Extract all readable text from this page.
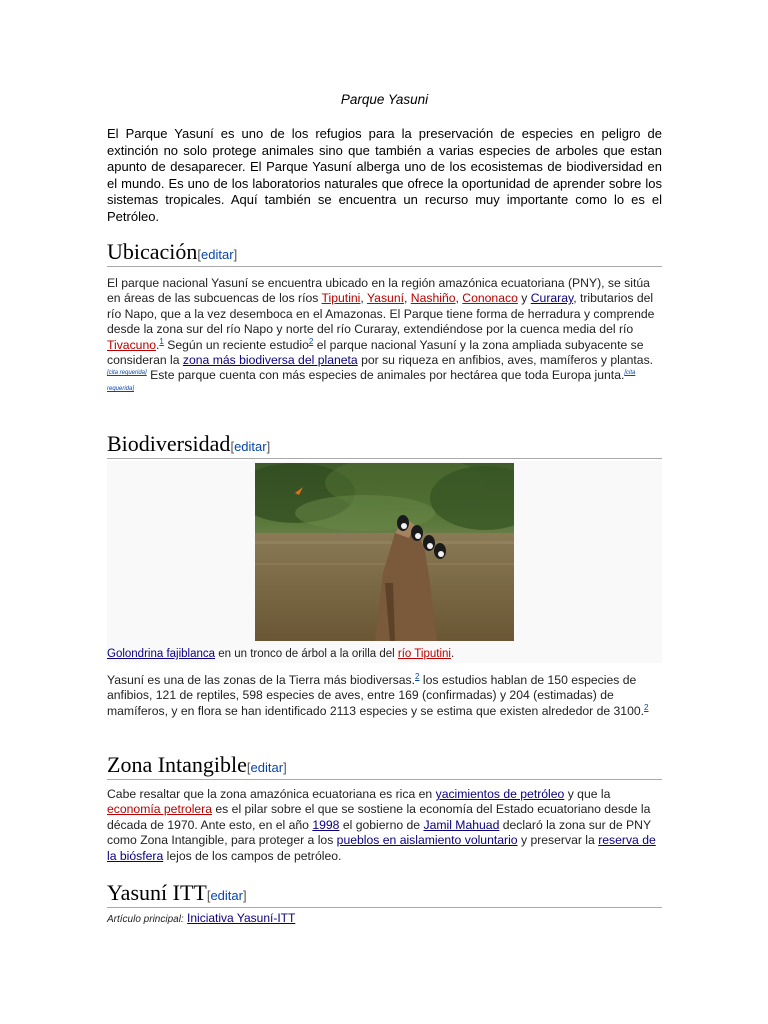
Parque Yasuni
El Parque Yasuní es uno de los refugios para la preservación de especies en peligro de extinción no solo protege animales sino que también a varias especies de arboles que estan apunto de desaparecer. El Parque Yasuní alberga uno de los ecosistemas de biodiversidad en el mundo. Es uno de los laboratorios naturales que ofrece la oportunidad de aprender sobre los sistemas tropicales. Aquí también se encuentra un recurso muy importante como lo es el Petróleo.
Ubicación[editar]
El parque nacional Yasuní se encuentra ubicado en la región amazónica ecuatoriana (PNY), se sitúa en áreas de las subcuencas de los ríos Tiputini, Yasuní, Nashiño, Cononaco y Curaray, tributarios del río Napo, que a la vez desemboca en el Amazonas. El Parque tiene forma de herradura y comprende desde la zona sur del río Napo y norte del río Curaray, extendiéndose por la cuenca media del río Tivacuno.$^1$ Según un reciente estudio$^2$ el parque nacional Yasuní y la zona ampliada subyacente se consideran la zona más biodiversa del planeta por su riqueza en anfibios, aves, mamíferos y plantas.[cita requerida] Este parque cuenta con más especies de animales por hectárea que toda Europa junta.[cita requerida]
Biodiversidad[editar]
Golondrina fajiblanca en un tronco de árbol a la orilla del río Tiputini.
Yasuní es una de las zonas de la Tierra más biodiversas.$^2$ los estudios hablan de 150 especies de anfibios, 121 de reptiles, 598 especies de aves, entre 169 (confirmadas) y 204 (estimadas) de mamíferos, y en flora se han identificado 2113 especies y se estima que existen alrededor de 3100.$^2$
Zona Intangible[editar]
Cabe resaltar que la zona amazónica ecuatoriana es rica en yacimientos de petróleo y que la economía petrolera es el pilar sobre el que se sostiene la economía del Estado ecuatoriano desde la década de 1970. Ante esto, en el año 1998 el gobierno de Jamil Mahuad declaró la zona sur de PNY como Zona Intangible, para proteger a los pueblos en aislamiento voluntario y preservar la reserva de la biósfera lejos de los campos de petróleo.
Yasuní ITT[editar]
Artículo principal: Iniciativa Yasuní-ITT
